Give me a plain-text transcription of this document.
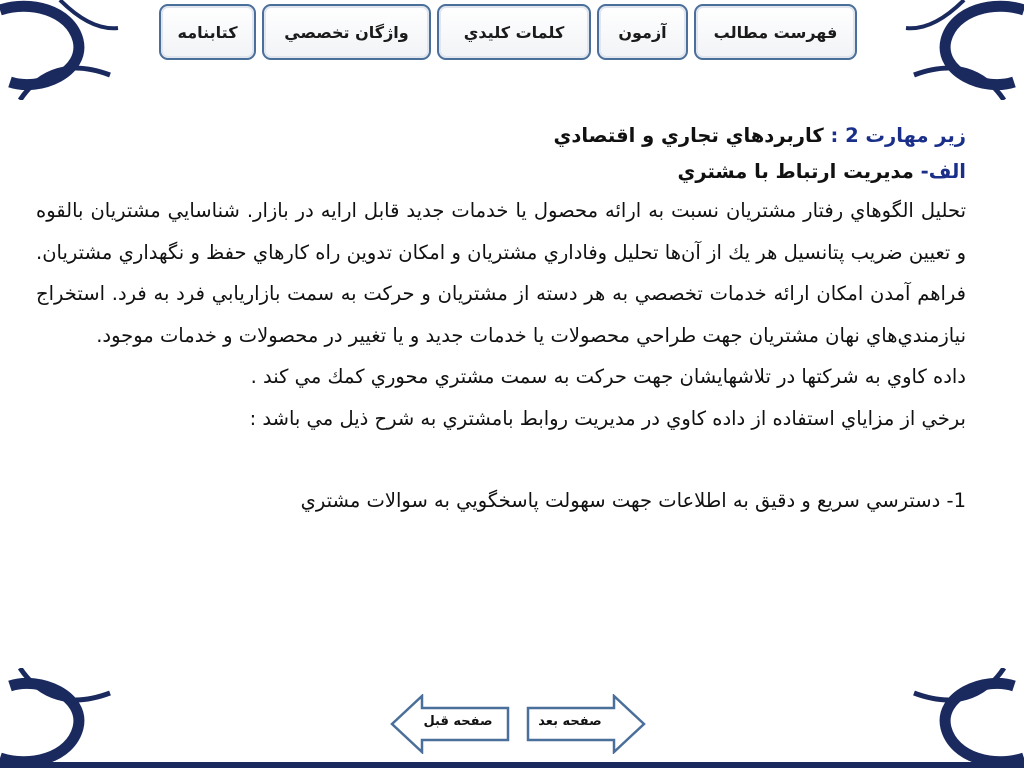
فهرست مطالب
آزمون
كلمات كليدي
واژگان تخصصي
كتابنامه

زير مهارت 2 : كاربردهاي تجاري و اقتصادي

الف- مديريت ارتباط با مشتري

تحليل الگوهاي رفتار مشتريان نسبت به ارائه محصول يا خدمات جديد قابل ارايه در بازار. شناسايي مشتريان بالقوه و تعيين ضريب پتانسيل هر يك از آن‌ها تحليل وفاداري مشتريان و امكان تدوين راه كارهاي حفظ و نگهداري مشتريان. فراهم آمدن امكان ارائه خدمات تخصصي به هر دسته از مشتريان و حركت به سمت بازاريابي فرد به فرد. استخراج نيازمندي‌هاي نهان مشتريان جهت طراحي محصولات يا خدمات جديد و يا تغيير در محصولات و خدمات موجود.

داده كاوي به شركتها در تلاشهايشان جهت حركت به سمت مشتري محوري كمك مي كند .

برخي از مزاياي استفاده از داده كاوي در مديريت روابط بامشتري به شرح ذيل مي باشد :

1- دسترسي سريع و دقيق به اطلاعات جهت سهولت پاسخگويي به سوالات مشتري

صفحه قبل	صفحه بعد
